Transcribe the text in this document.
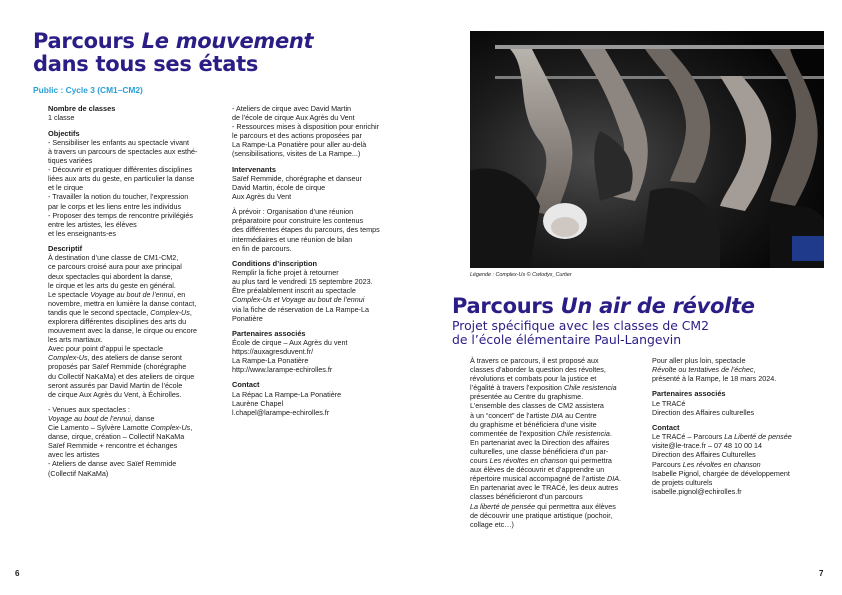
Parcours Le mouvement
dans tous ses états
Public : Cycle 3 (CM1–CM2)
Nombre de classes

1 classe

Objectifs
- Sensibiliser les enfants au spectacle vivant
à travers un parcours de spectacles aux esthé-
tiques variées
- Découvrir et pratiquer différentes disciplines
liées aux arts du geste, en particulier la danse
et le cirque
- Travailler la notion du toucher, l’expression
par le corps et les liens entre les individus
- Proposer des temps de rencontre privilégiés
entre les artistes, les élèves
et les enseignants-es
Descriptif
À destination d’une classe de CM1-CM2,
ce parcours croisé aura pour axe principal
deux spectacles qui abordent la danse,
le cirque et les arts du geste en général.
Le spectacle Voyage au bout de l’ennui, en
novembre, mettra en lumière la danse contact,
tandis que le second spectacle, Complex-Us,
explorera différentes disciplines des arts du
mouvement avec la danse, le cirque ou encore
les arts martiaux.
Avec pour point d’appui le spectacle
Complex-Us, des ateliers de danse seront
proposés par Saïef Remmide (chorégraphe
du Collectif NaKaMa) et des ateliers de cirque
seront assurés par David Martin de l’école
de cirque Aux Agrès du Vent, à Échirolles.
- Venues aux spectacles :
Voyage au bout de l’ennui, danse
Cie Lamento – Sylvère Lamotte Complex-Us,
danse, cirque, création – Collectif NaKaMa
Saïef Remmide + rencontre et échanges
avec les artistes
- Ateliers de danse avec Saïef Remmide
(Collectif NaKaMa)
- Ateliers de cirque avec David Martin
de l’école de cirque Aux Agrès du Vent
- Ressources mises à disposition pour enrichir
le parcours et des actions proposées par
La Rampe-La Ponatière pour aller au-delà
(sensibilisations, visites de La Rampe...)
Intervenants
Saïef Remmide, chorégraphe et danseur
David Martin, école de cirque
Aux Agrès du Vent
À prévoir : Organisation d’une réunion
préparatoire pour construire les contenus
des différentes étapes du parcours, des temps
intermédiaires et une réunion de bilan
en fin de parcours.
Conditions d’inscription
Remplir la fiche projet à retourner
au plus tard le vendredi 15 septembre 2023.
Être préalablement inscrit au spectacle
Complex-Us et Voyage au bout de l’ennui
via la fiche de réservation de La Rampe-La
Ponatière
Partenaires associés
École de cirque – Aux Agrès du vent
https://auxagresduvent.fr/
La Rampe-La Ponatière
http://www.larampe-echirolles.fr
Contact
La Répac La Rampe-La Ponatière
Laurène Chapel
l.chapel@larampe-echirolles.fr
6
Légende : Complex-Us © Cwlodys_Curtier
Parcours Un air de révolte
Projet spécifique avec les classes de CM2
de l’école élémentaire Paul-Langevin
À travers ce parcours, il est proposé aux
classes d’aborder la question des révoltes,
révolutions et combats pour la justice et
l’égalité à travers l’exposition Chile resistencia
présentée au Centre du graphisme.
L’ensemble des classes de CM2 assistera
à un “concert” de l’artiste DIA au Centre
du graphisme et bénéficiera d’une visite
commentée de l’exposition Chile resistencia.
En partenariat avec la Direction des affaires
culturelles, une classe bénéficiera d’un par-
cours Les révoltes en chanson qui permettra
aux élèves de découvrir et d’apprendre un
répertoire musical accompagné de l’artiste DIA.
En partenariat avec le TRACé, les deux autres
classes bénéficieront d’un parcours
La liberté de pensée qui permettra aux élèves
de découvrir une pratique artistique (pochoir,
collage etc…)
Pour aller plus loin, spectacle
Révolte ou tentatives de l’échec,
présenté à la Rampe, le 18 mars 2024.
Partenaires associés
Le TRACé
Direction des Affaires culturelles
Contact
Le TRACé – Parcours La Liberté de pensée
visite@le-trace.fr – 07 48 10 00 14
Direction des Affaires Culturelles
Parcours Les révoltes en chanson
Isabelle Pignol, chargée de développement
de projets culturels
isabelle.pignol@echirolles.fr
7
